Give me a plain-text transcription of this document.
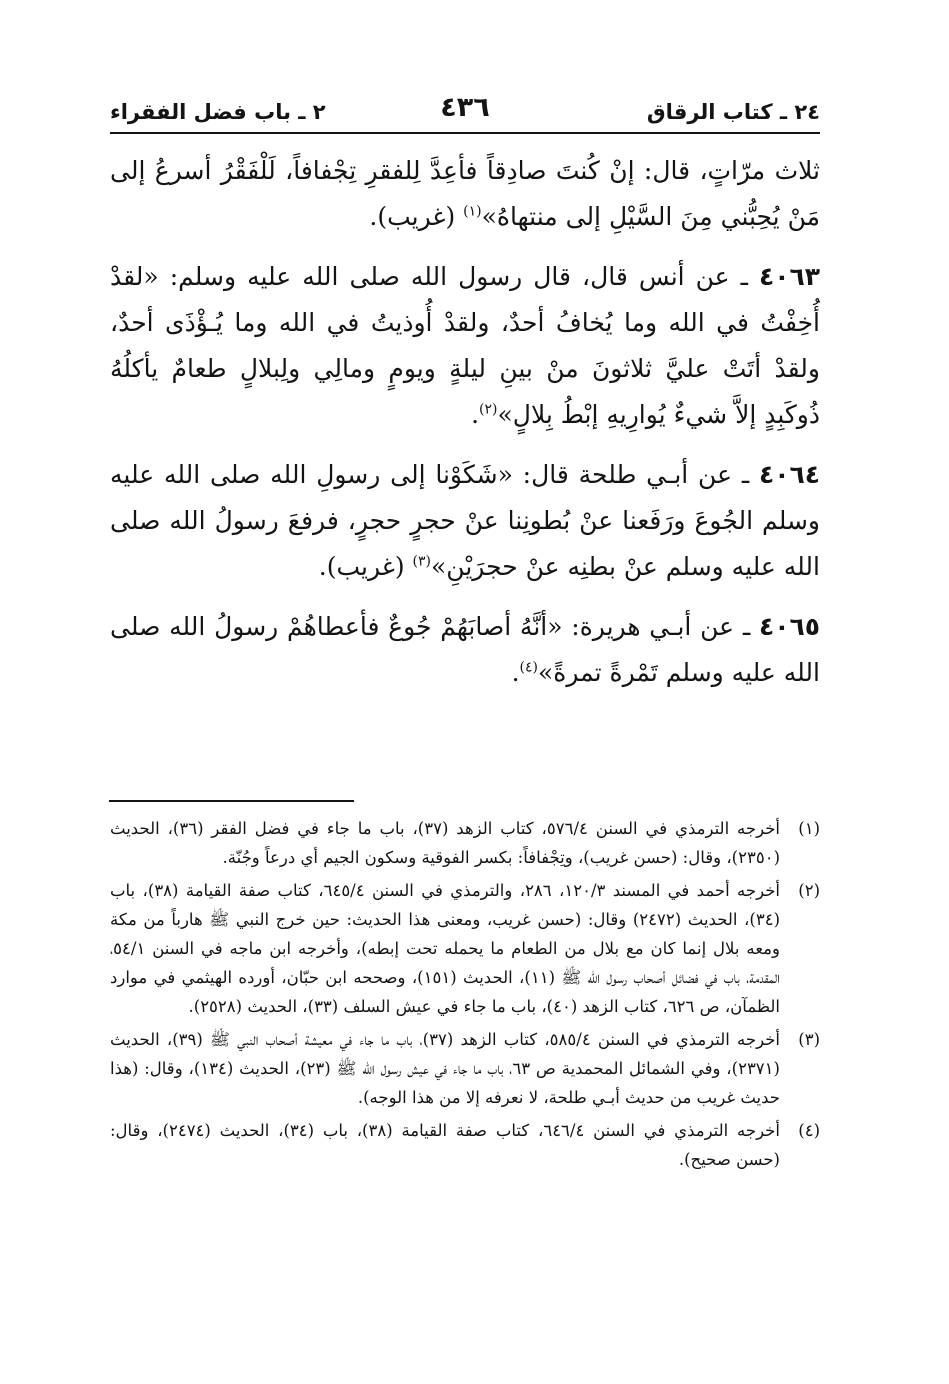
٢٤ ـ كتاب الرقاق
٤٣٦
٢ ـ باب فضل الفقراء

ثلاث مرّاتٍ، قال: إنْ كُنتَ صادِقاً فأعِدَّ لِلفقرِ تِجْفافاً، لَلْفَقْرُ أسرعُ إلى مَنْ يُحِبُّني مِنَ السَّيْلِ إلى منتهاهُ»$^{(١)}$ (غريب).

٤٠٦٣ ـ عن أنس قال، قال رسول الله صلى الله عليه وسلم: «لقدْ أُخِفْتُ في الله وما يُخافُ أحدٌ، ولقدْ أُوذيتُ في الله وما يُـؤْذَى أحدٌ، ولقدْ أتَتْ عليَّ ثلاثونَ منْ بينِ ليلةٍ ويومٍ ومالِي ولِبلالٍ طعامٌ يأكلُهُ ذُوكَبِدٍ إلاَّ شيءٌ يُوارِيهِ إبْطُ بِلالٍ»$^{(٢)}$.

٤٠٦٤ ـ عن أبـي طلحة قال: «شَكَوْنا إلى رسولِ الله صلى الله عليه وسلم الجُوعَ ورَفَعنا عنْ بُطونِنا عنْ حجرٍ حجرٍ، فرفعَ رسولُ الله صلى الله عليه وسلم عنْ بطنِه عنْ حجرَيْنِ»$^{(٣)}$ (غريب).

٤٠٦٥ ـ عن أبـي هريرة: «أنَّهُ أصابَهُمْ جُوعٌ فأعطاهُمْ رسولُ الله صلى الله عليه وسلم تَمْرةً تمرةً»$^{(٤)}$.

(١)
أخرجه الترمذي في السنن ٥٧٦/٤، كتاب الزهد (٣٧)، باب ما جاء في فضل الفقر (٣٦)، الحديث (٢٣٥٠)، وقال: (حسن غريب)، وتِجْفافاً: بكسر الفوقية وسكون الجيم أي درعاً وجُنّة.

(٢)
أخرجه أحمد في المسند ١٢٠/٣، ٢٨٦، والترمذي في السنن ٦٤٥/٤، كتاب صفة القيامة (٣٨)، باب (٣٤)، الحديث (٢٤٧٢) وقال: (حسن غريب، ومعنى هذا الحديث: حين خرج النبي ﷺ هارباً من مكة ومعه بلال إنما كان مع بلال من الطعام ما يحمله تحت إبطه)، وأخرجه ابن ماجه في السنن ٥٤/١، المقدمة، باب في فضائل أصحاب رسول الله ﷺ (١١)، الحديث (١٥١)، وصححه ابن حبّان، أورده الهيثمي في موارد الظمآن، ص ٦٢٦، كتاب الزهد (٤٠)، باب ما جاء في عيش السلف (٣٣)، الحديث (٢٥٢٨).

(٣)
أخرجه الترمذي في السنن ٥٨٥/٤، كتاب الزهد (٣٧)، باب ما جاء في معيشة أصحاب النبي ﷺ (٣٩)، الحديث (٢٣٧١)، وفي الشمائل المحمدية ص ٦٣، باب ما جاء في عيش رسول الله ﷺ (٢٣)، الحديث (١٣٤)، وقال: (هذا حديث غريب من حديث أبـي طلحة، لا نعرفه إلا من هذا الوجه).

(٤)
أخرجه الترمذي في السنن ٦٤٦/٤، كتاب صفة القيامة (٣٨)، باب (٣٤)، الحديث (٢٤٧٤)، وقال: (حسن صحيح).
